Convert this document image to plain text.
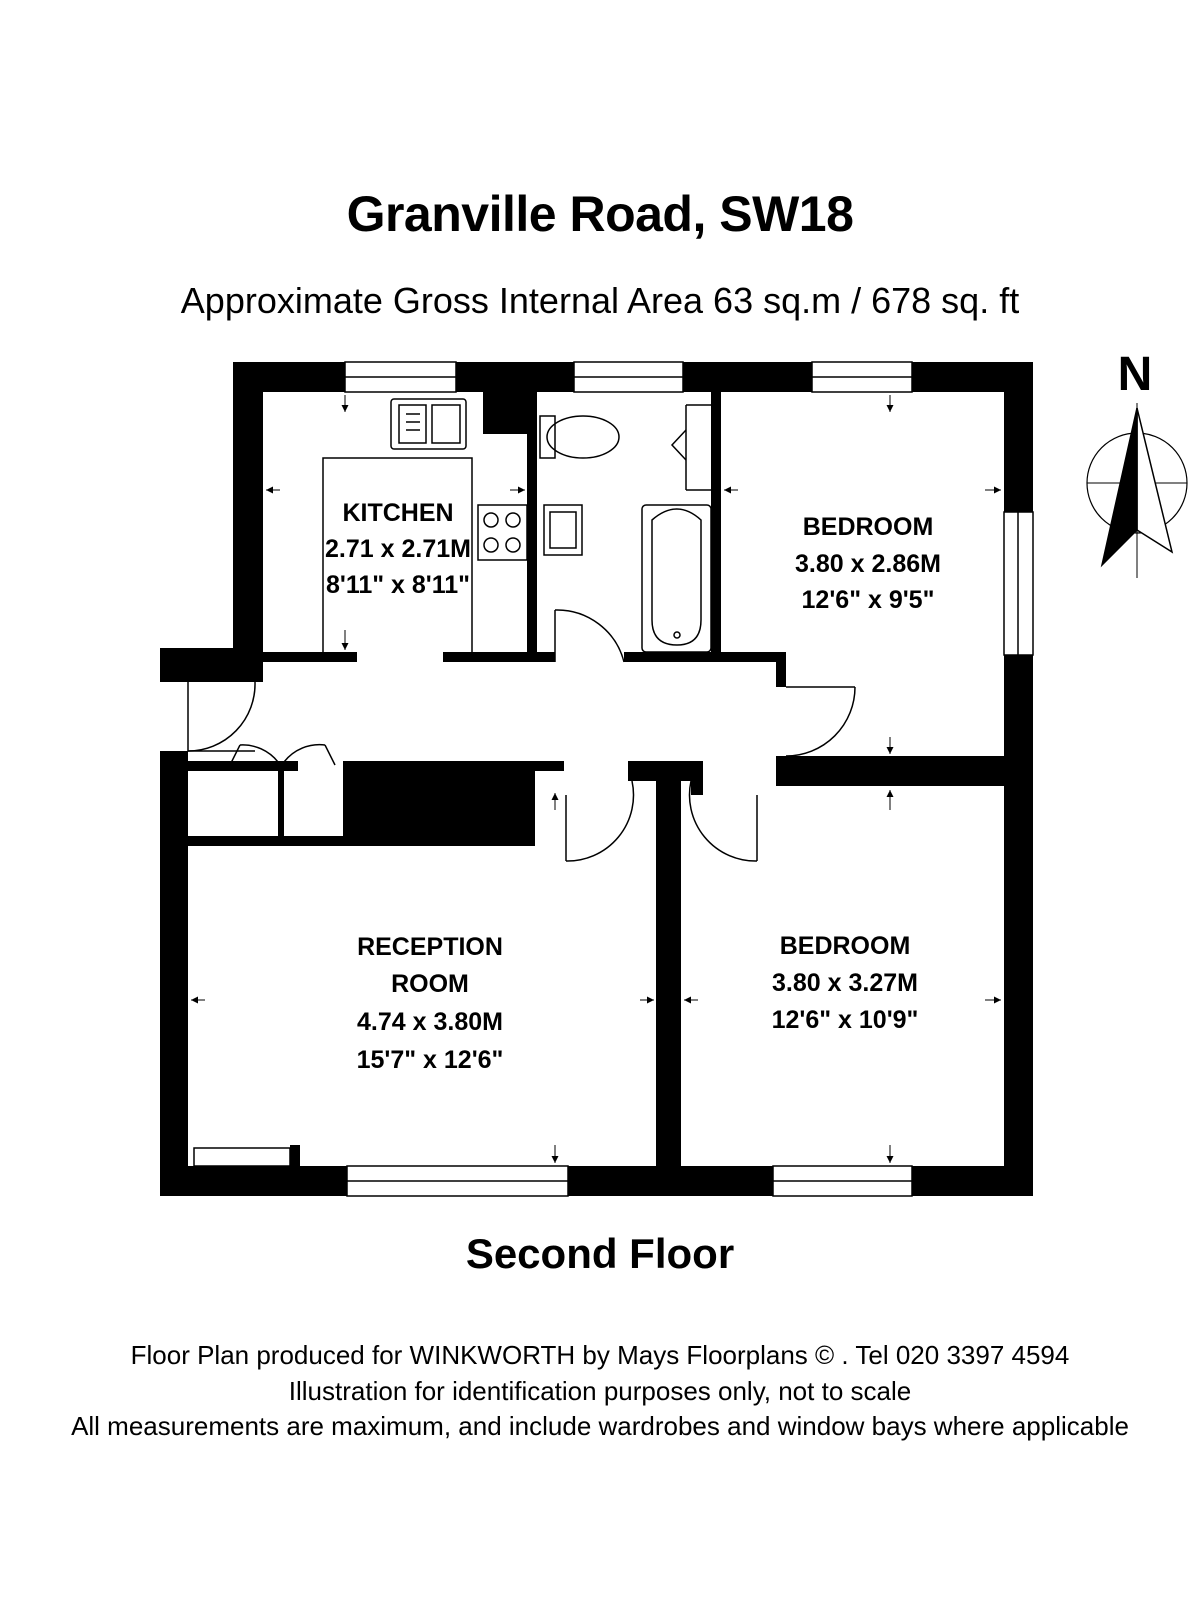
Granville Road, SW18
Approximate Gross Internal Area 63 sq.m / 678 sq. ft
N
KITCHEN
2.71 x 2.71M
8'11" x 8'11"
BEDROOM
3.80 x 2.86M
12'6" x 9'5"
RECEPTION
ROOM
4.74 x 3.80M
15'7" x 12'6"
BEDROOM
3.80 x 3.27M
12'6" x 10'9"
Second Floor
Floor Plan produced for WINKWORTH by Mays Floorplans © . Tel 020 3397 4594
Illustration for identification purposes only, not to scale
All measurements are maximum, and include wardrobes and window bays where applicable
